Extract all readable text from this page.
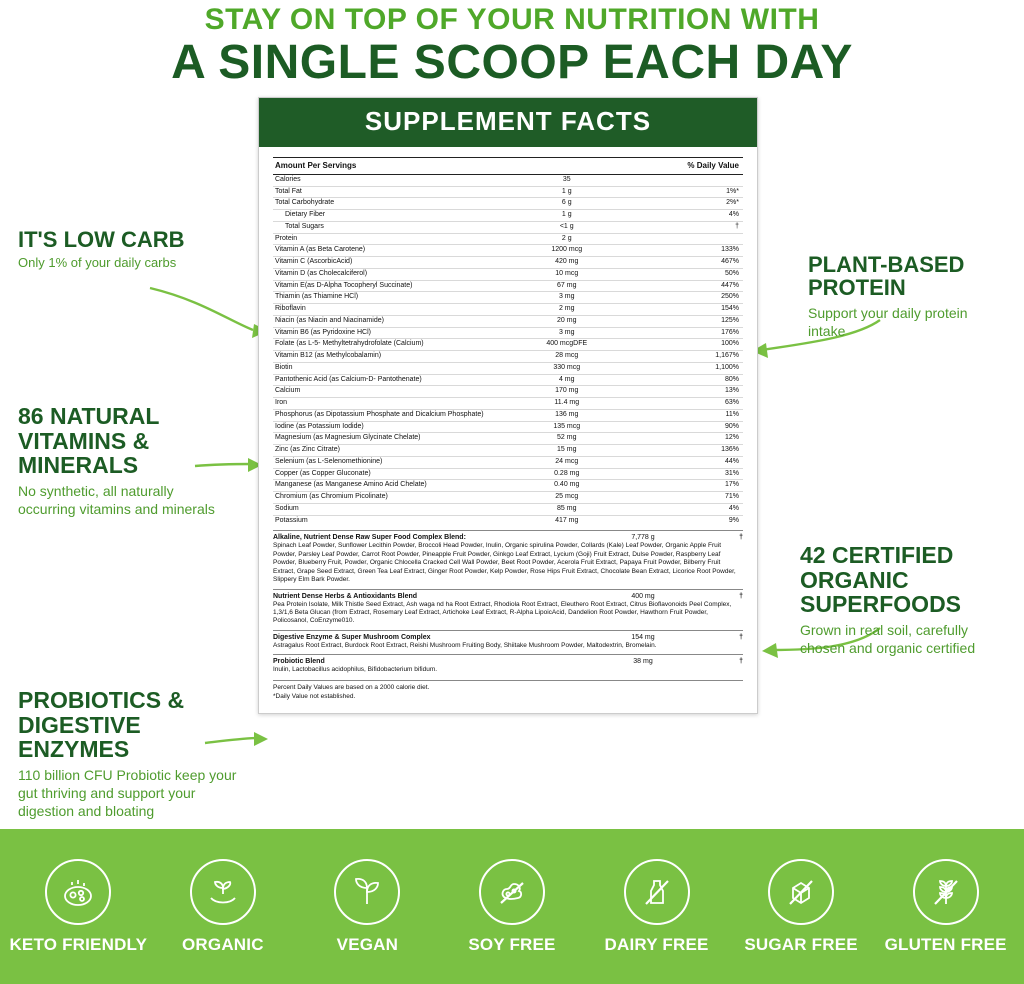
STAY ON TOP OF YOUR NUTRITION WITH
A SINGLE SCOOP EACH DAY
SUPPLEMENT FACTS
Amount Per Servings		% Daily Value
Calories	35	
Total Fat	1 g	1%*
Total Carbohydrate	6 g	2%*
Dietary Fiber	1 g	4%
Total Sugars	<1 g	†
Protein	2 g	
Vitamin A (as Beta Carotene)	1200 mcg	133%
Vitamin C (AscorbicAcid)	420 mg	467%
Vitamin D (as Cholecalciferol)	10 mcg	50%
Vitamin E(as D-Alpha Tocopheryl Succinate)	67 mg	447%
Thiamin (as Thiamine HCl)	3 mg	250%
Riboflavin	2 mg	154%
Niacin (as Niacin and Niacinamide)	20 mg	125%
Vitamin B6 (as Pyridoxine HCl)	3 mg	176%
Folate (as L-5- Methyltetrahydrofolate (Calcium)	400 mcgDFE	100%
Vitamin B12 (as Methylcobalamin)	28 mcg	1,167%
Biotin	330 mcg	1,100%
Pantothenic Acid (as Calcium-D- Pantothenate)	4 mg	80%
Calcium	170 mg	13%
Iron	11.4 mg	63%
Phosphorus (as Dipotassium Phosphate and Dicalcium Phosphate)	136 mg	11%
Iodine (as Potassium Iodide)	135 mcg	90%
Magnesium (as Magnesium Glycinate Chelate)	52 mg	12%
Zinc (as Zinc Citrate)	15 mg	136%
Selenium (as L-Selenomethionine)	24 mcg	44%
Copper (as Copper Gluconate)	0.28 mg	31%
Manganese (as Manganese Amino Acid Chelate)	0.40 mg	17%
Chromium (as Chromium Picolinate)	25 mcg	71%
Sodium	85 mg	4%
Potassium	417 mg	9%
Alkaline, Nutrient Dense Raw Super Food Complex Blend:	7,778 g	†
Spinach Leaf Powder, Sunflower Lecithin Powder, Broccoli Head Powder, Inulin, Organic spirulina Powder, Collards (Kale) Leaf Powder, Organic Apple Fruit Powder, Parsley Leaf Powder, Carrot Root Powder, Pineapple Fruit Powder, Ginkgo Leaf Extract, Lycium (Goji) Fruit Extract, Dulse Powder, Raspberry Leaf Powder, Blueberry Fruit, Powder, Organic Chlocella Cracked Cell Wall Powder, Beet Root Powder, Acerola Fruit Extract, Papaya Fruit Powder, Bilberry Fruit Extract, Grape Seed Extract, Green Tea Leaf Extract, Ginger Root Powder, Kelp Powder, Rose Hips Fruit Extract, Chocolate Bean Extract, Licorice Root Powder, Slippery Elm Bark Powder.
Nutrient Dense Herbs & Antioxidants Blend	400 mg	†
Pea Protein Isolate, Milk Thistle Seed Extract, Ash waga nd ha Root Extract, Rhodiola Root Extract, Eleuthero Root Extract, Citrus Bioflavonoids Peel Complex, 1,3/1,6 Beta Glucan (from Extract, Rosemary Leaf Extract, Artichoke Leaf Extract, R-Alpha LipoicAcid, Dandelion Root Powder, Hawthorn Fruit Powder, Policosanol, CoEnzyme010.
Digestive Enzyme & Super Mushroom Complex	154 mg	†
Astragalus Root Extract, Burdock Root Extract, Reishi Mushroom Fruiting Body, Shiitake Mushroom Powder, Maltodextrin, Bromelain.
Probiotic Blend	38 mg	†
Inulin, Lactobacillus acidophilus, Bifidobacterium bifidum.
Percent Daily Values are based on a 2000 calorie diet.
*Daily Value not established.
IT'S LOW CARB
Only 1% of your daily carbs
86 NATURAL VITAMINS & MINERALS
No synthetic, all naturally occurring vitamins and minerals
PROBIOTICS & DIGESTIVE ENZYMES
110 billion CFU Probiotic keep your gut thriving and support your digestion and bloating
PLANT-BASED PROTEIN
Support your daily protein intake
42 CERTIFIED ORGANIC SUPERFOODS
Grown in real soil, carefully chosen and organic certified
KETO FRIENDLY ORGANIC	VEGAN	SOY FREE	DAIRY FREE SUGAR FREE GLUTEN FREE
